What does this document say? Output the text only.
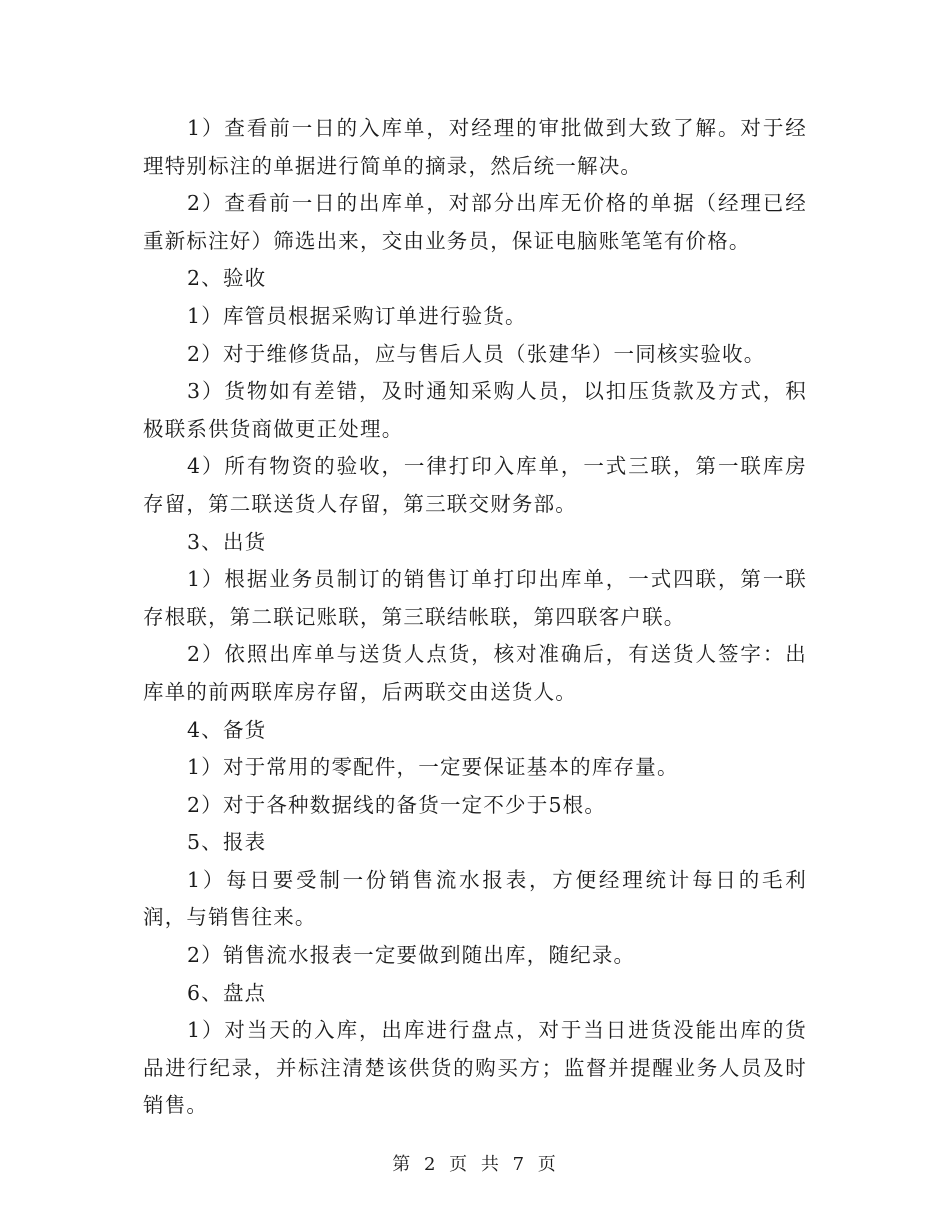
1）查看前一日的入库单，对经理的审批做到大致了解。对于经理特别标注的单据进行简单的摘录，然后统一解决。

2）查看前一日的出库单，对部分出库无价格的单据（经理已经重新标注好）筛选出来，交由业务员，保证电脑账笔笔有价格。

2、验收

1）库管员根据采购订单进行验货。

2）对于维修货品，应与售后人员（张建华）一同核实验收。

3）货物如有差错，及时通知采购人员，以扣压货款及方式，积极联系供货商做更正处理。

4）所有物资的验收，一律打印入库单，一式三联，第一联库房存留，第二联送货人存留，第三联交财务部。

3、出货

1）根据业务员制订的销售订单打印出库单，一式四联，第一联存根联，第二联记账联，第三联结帐联，第四联客户联。

2）依照出库单与送货人点货，核对准确后，有送货人签字：出库单的前两联库房存留，后两联交由送货人。

4、备货

1）对于常用的零配件，一定要保证基本的库存量。

2）对于各种数据线的备货一定不少于5根。

5、报表

1）每日要受制一份销售流水报表，方便经理统计每日的毛利润，与销售往来。

2）销售流水报表一定要做到随出库，随纪录。

6、盘点

1）对当天的入库，出库进行盘点，对于当日进货没能出库的货品进行纪录，并标注清楚该供货的购买方；监督并提醒业务人员及时销售。

第 2 页 共 7 页
